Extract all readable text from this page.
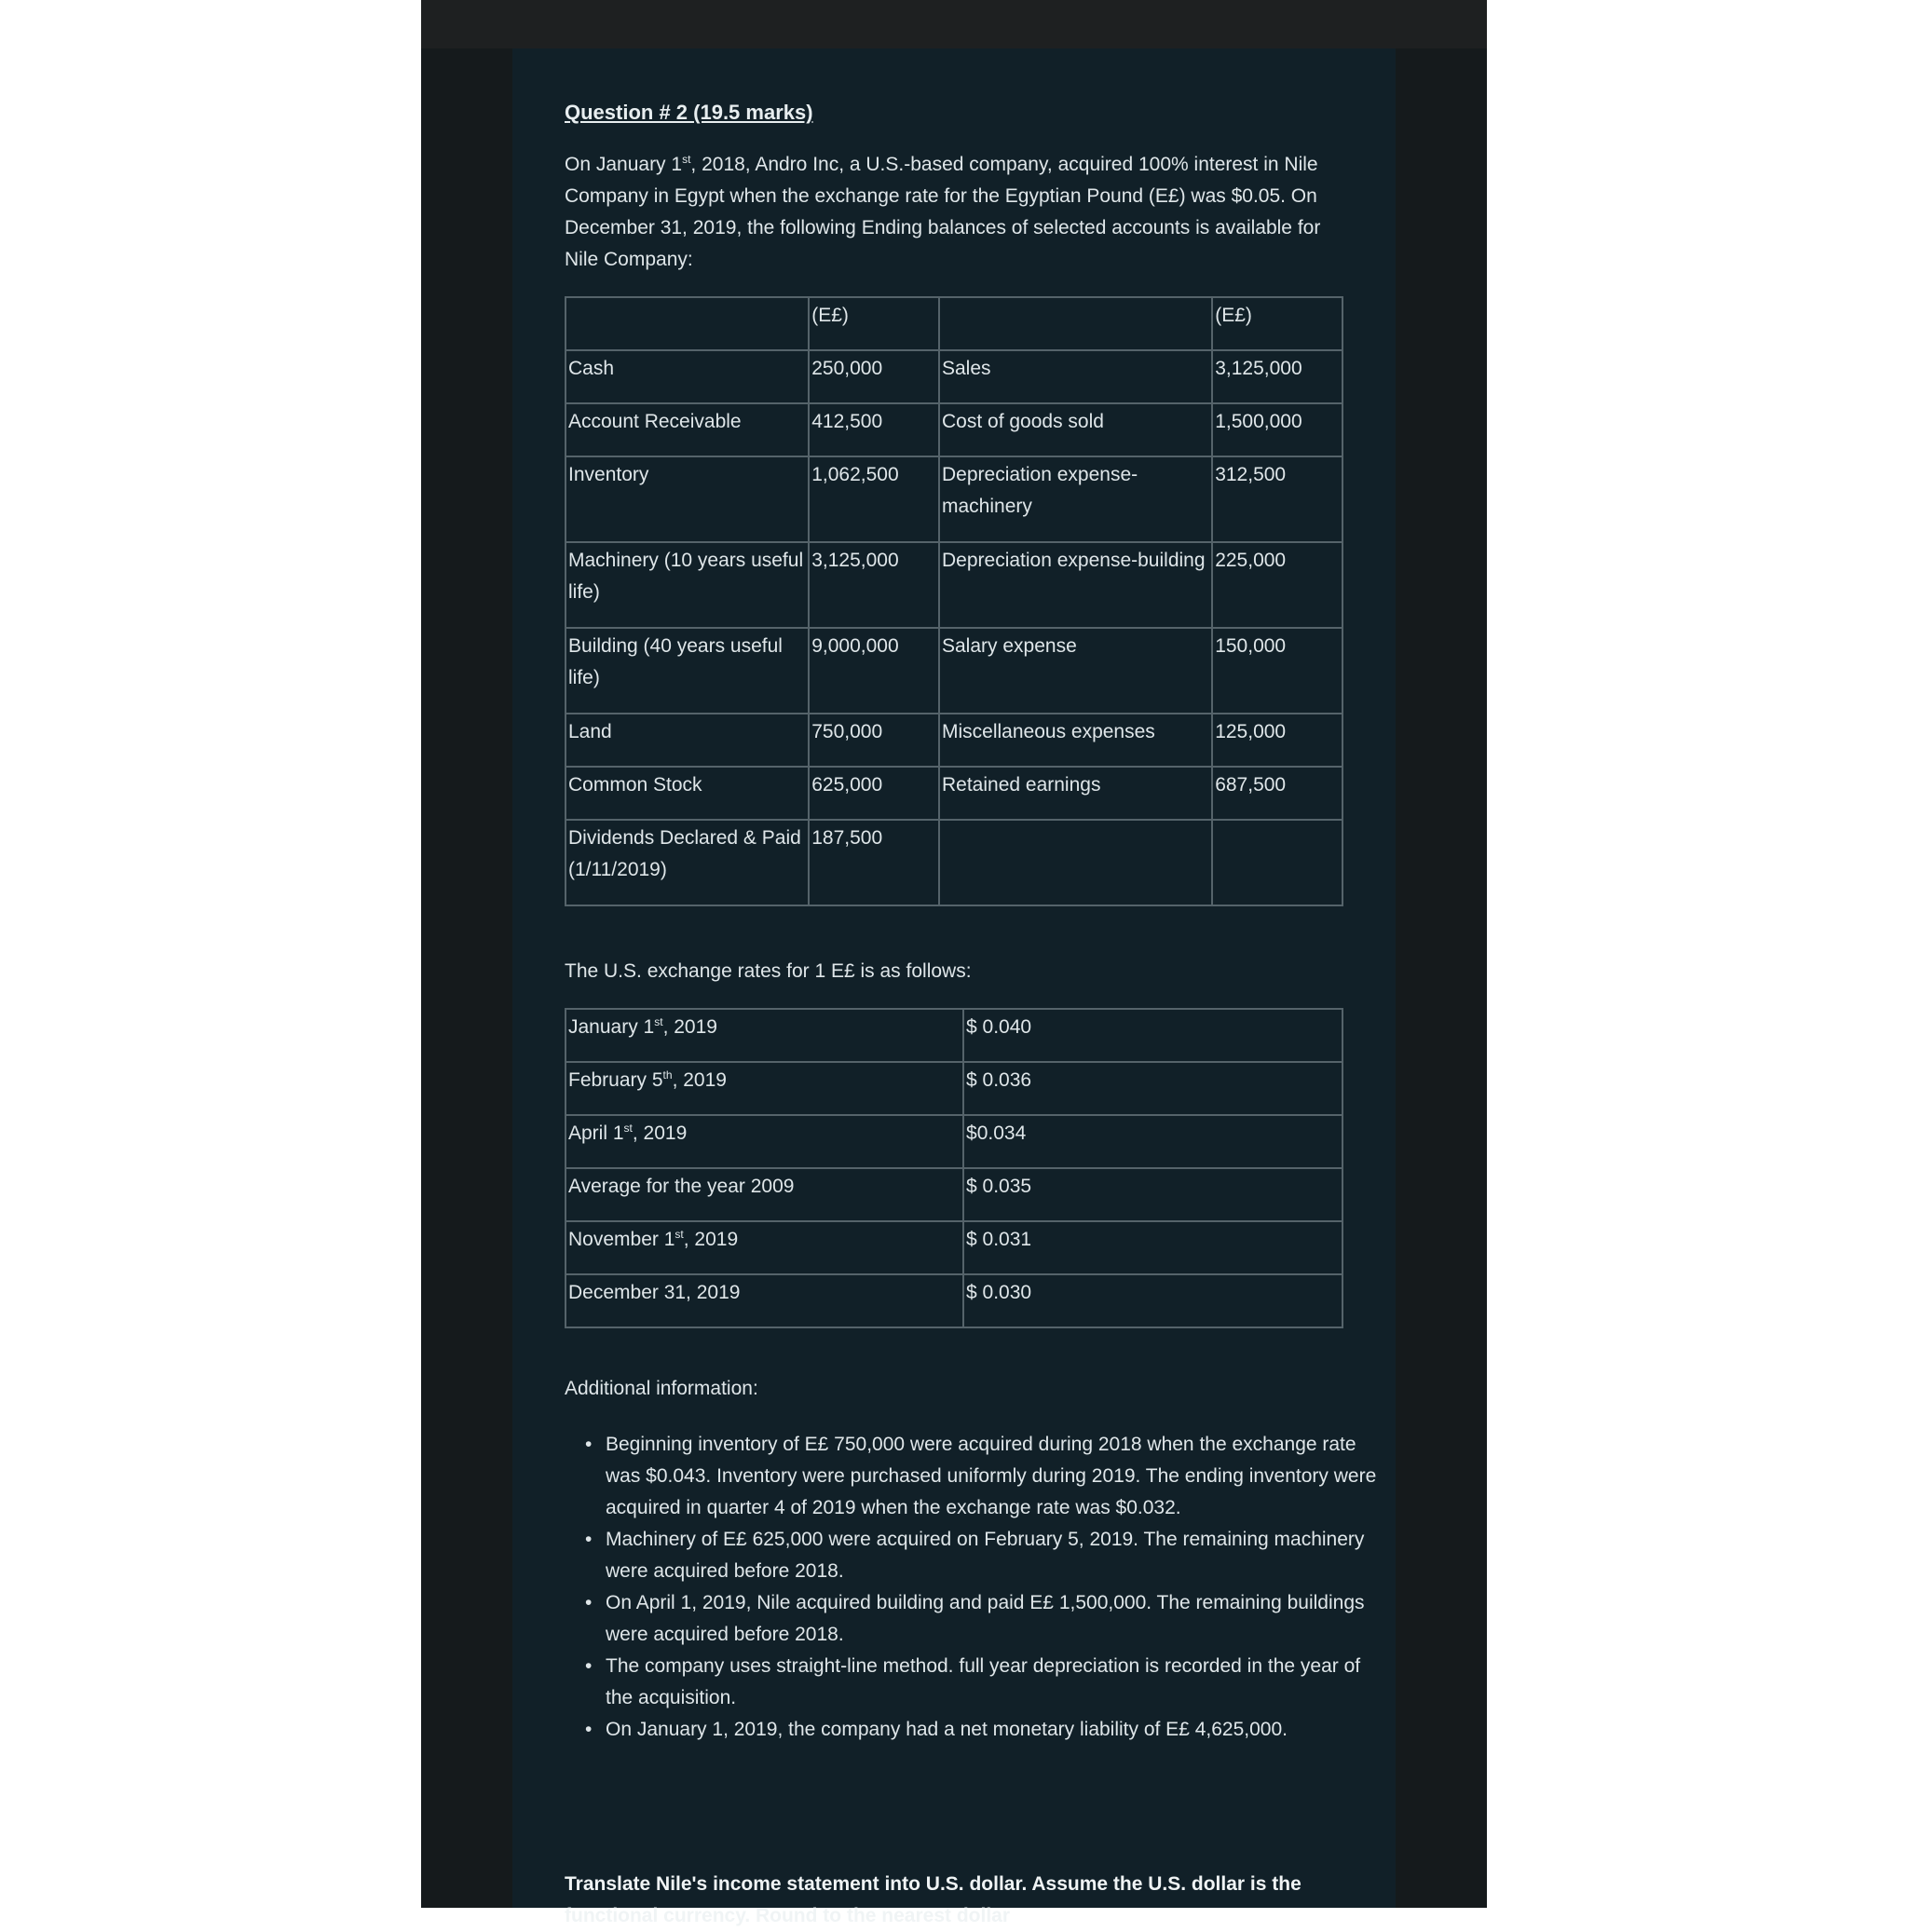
Question # 2 (19.5 marks)
On January 1st, 2018, Andro Inc, a U.S.-based company, acquired 100% interest in Nile Company in Egypt when the exchange rate for the Egyptian Pound (E£) was $0.05. On December 31, 2019, the following Ending balances of selected accounts is available for Nile Company:
	(E£)		(E£)
Cash	250,000	Sales	3,125,000
Account Receivable	412,500	Cost of goods sold	1,500,000
Inventory	1,062,500	Depreciation expense-machinery	312,500
Machinery (10 years useful life)	3,125,000	Depreciation expense-building	225,000
Building (40 years useful life)	9,000,000	Salary expense	150,000
Land	750,000	Miscellaneous expenses	125,000
Common Stock	625,000	Retained earnings	687,500
Dividends Declared & Paid (1/11/2019)	187,500		
The U.S. exchange rates for 1 E£ is as follows:
January 1st, 2019	$ 0.040
February 5th, 2019	$ 0.036
April 1st, 2019	$0.034
Average for the year 2009	$ 0.035
November 1st, 2019	$ 0.031
December 31, 2019	$ 0.030
Additional information:
• Beginning inventory of E£ 750,000 were acquired during 2018 when the exchange rate was $0.043. Inventory were purchased uniformly during 2019. The ending inventory were acquired in quarter 4 of 2019 when the exchange rate was $0.032.
• Machinery of E£ 625,000 were acquired on February 5, 2019. The remaining machinery were acquired before 2018.
• On April 1, 2019, Nile acquired building and paid E£ 1,500,000. The remaining buildings were acquired before 2018.
• The company uses straight-line method. full year depreciation is recorded in the year of the acquisition.
• On January 1, 2019, the company had a net monetary liability of E£ 4,625,000.
Translate Nile's income statement into U.S. dollar. Assume the U.S. dollar is the functional currency. Round to the nearest dollar
